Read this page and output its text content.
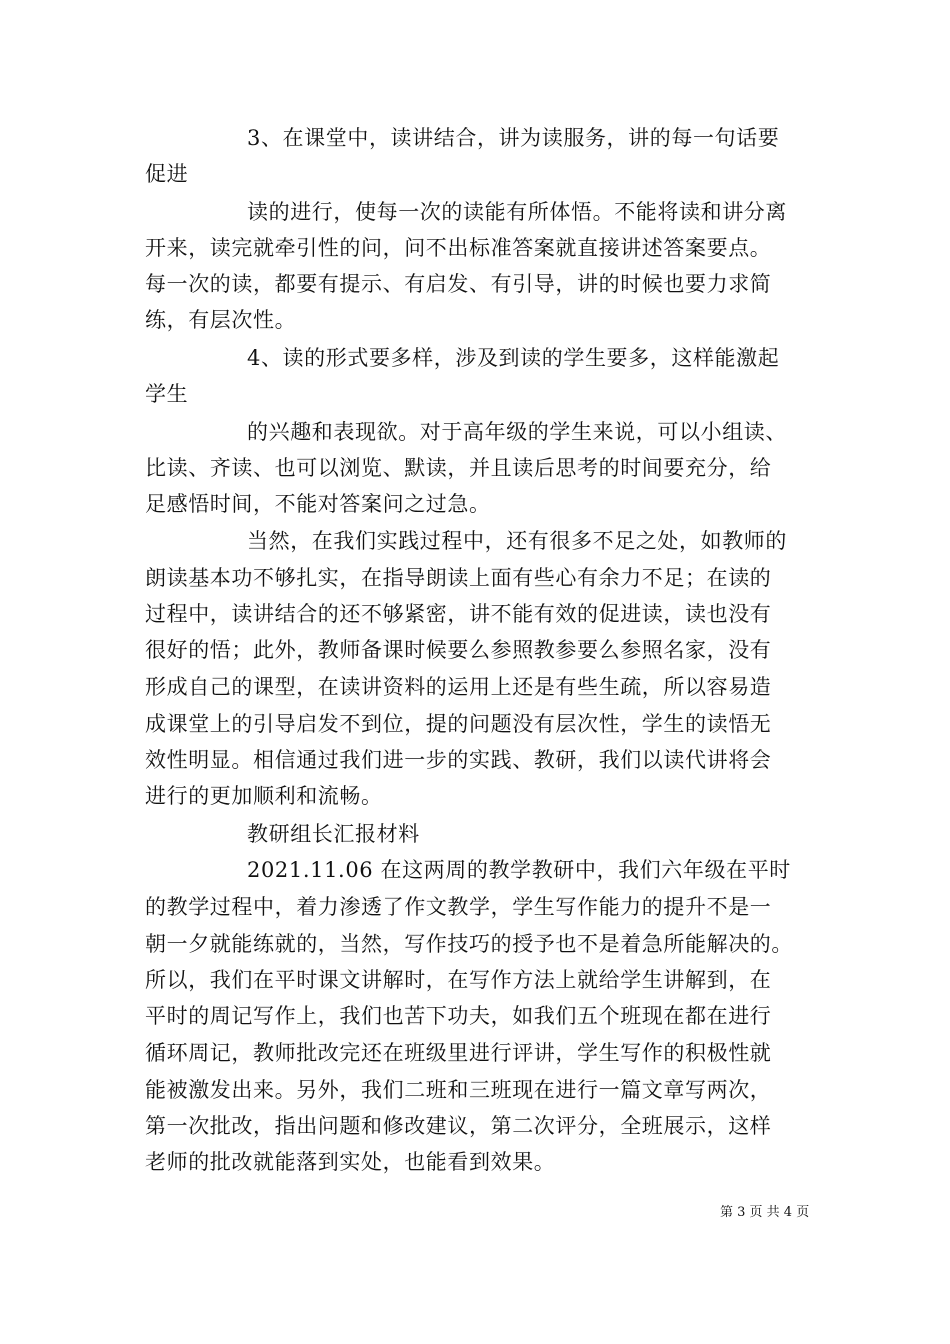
3、在课堂中，读讲结合，讲为读服务，讲的每一句话要
促进
读的进行，使每一次的读能有所体悟。不能将读和讲分离
开来，读完就牵引性的问，问不出标准答案就直接讲述答案要点。
每一次的读，都要有提示、有启发、有引导，讲的时候也要力求简
练，有层次性。
4、读的形式要多样，涉及到读的学生要多，这样能激起
学生
的兴趣和表现欲。对于高年级的学生来说，可以小组读、
比读、齐读、也可以浏览、默读，并且读后思考的时间要充分，给
足感悟时间，不能对答案问之过急。
当然，在我们实践过程中，还有很多不足之处，如教师的
朗读基本功不够扎实，在指导朗读上面有些心有余力不足；在读的
过程中，读讲结合的还不够紧密，讲不能有效的促进读，读也没有
很好的悟；此外，教师备课时候要么参照教参要么参照名家，没有
形成自己的课型，在读讲资料的运用上还是有些生疏，所以容易造
成课堂上的引导启发不到位，提的问题没有层次性，学生的读悟无
效性明显。相信通过我们进一步的实践、教研，我们以读代讲将会
进行的更加顺利和流畅。
教研组长汇报材料
2021.11.06 在这两周的教学教研中，我们六年级在平时
的教学过程中，着力渗透了作文教学，学生写作能力的提升不是一
朝一夕就能练就的，当然，写作技巧的授予也不是着急所能解决的。
所以，我们在平时课文讲解时，在写作方法上就给学生讲解到，在
平时的周记写作上，我们也苦下功夫，如我们五个班现在都在进行
循环周记，教师批改完还在班级里进行评讲，学生写作的积极性就
能被激发出来。另外，我们二班和三班现在进行一篇文章写两次，
第一次批改，指出问题和修改建议，第二次评分，全班展示，这样
老师的批改就能落到实处，也能看到效果。
第 3 页 共 4 页
